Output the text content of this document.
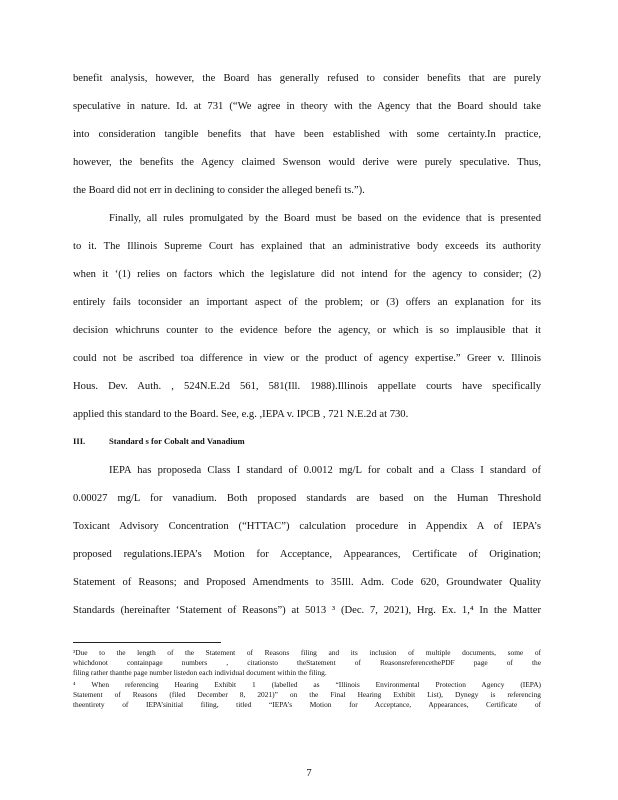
benefit analysis, however, the Board has generally refused to consider benefits that are purely
speculative in nature. Id. at 731 (“We agree in theory with the Agency that the Board should take
into consideration tangible benefits that have been established with some certainty.In practice,
however, the benefits the Agency claimed Swenson would derive were purely speculative. Thus,
the Board did not err in declining to consider the alleged benefi ts.”).
Finally, all rules promulgated by the Board must be based on the evidence that is presented
to it. The Illinois Supreme Court has explained that an administrative body exceeds its authority
when it ‘(1) relies on factors which the legislature did not intend for the agency to consider; (2)
entirely fails toconsider an important aspect of the problem; or (3) offers an explanation for its
decision whichruns counter to the evidence before the agency, or which is so implausible that it
could not be ascribed toa difference in view or the product of agency expertise.” Greer v. Illinois
Hous. Dev. Auth. , 524N.E.2d 561, 581(Ill. 1988).Illinois appellate courts have specifically
applied this standard to the Board. See, e.g. ,IEPA v. IPCB , 721 N.E.2d at 730.
III.	Standard s for Cobalt and Vanadium
IEPA has proposeda Class I standard of 0.0012 mg/L for cobalt and a Class I standard of
0.00027 mg/L for vanadium. Both proposed standards are based on the Human Threshold
Toxicant Advisory Concentration (“HTTAC”) calculation procedure in Appendix A of IEPA’s
proposed regulations.IEPA’s Motion for Acceptance, Appearances, Certificate of Origination;
Statement of Reasons; and Proposed Amendments to 35Ill. Adm. Code 620, Groundwater Quality
Standards (hereinafter ‘Statement of Reasons”) at 5013 ³ (Dec. 7, 2021), Hrg. Ex. 1,⁴ In the Matter
³Due to the length of the Statement of Reasons filing and its inclusion of multiple documents, some of
whichdonot containpage numbers , citationsto theStatement of ReasonsreferencethePDF page of the
filing rather thanthe page number listedon each individual document within the filing.
⁴ When referencing Hearing Exhibit 1 (labelled as “Illinois Environmental Protection Agency (IEPA)
Statement of Reasons (filed December 8, 2021)” on the Final Hearing Exhibit List), Dynegy is referencing
theentirety of IEPA’sinitial filing, titled “IEPA’s Motion for Acceptance, Appearances, Certificate of
7
